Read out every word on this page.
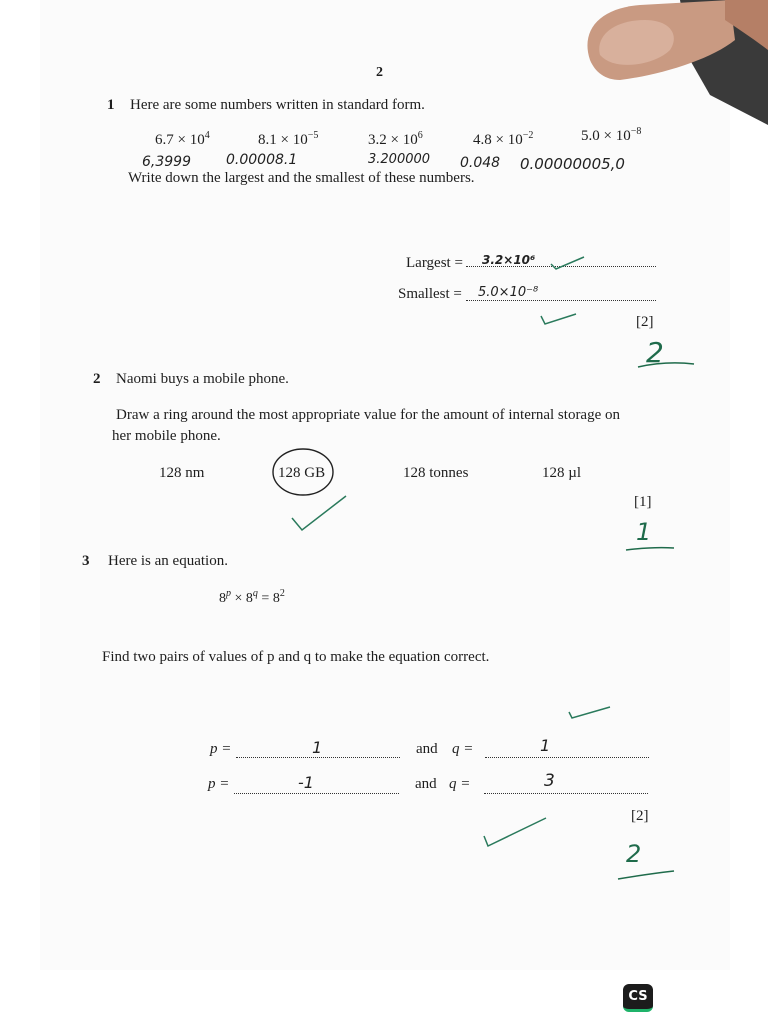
2
1 Here are some numbers written in standard form.
$6.7 \times 10^4$	$8.1 \times 10^{-5}$	$3.2 \times 10^6$	$4.8 \times 10^{-2}$	$5.0 \times 10^{-8}$
6,3999	0.00008.1	3.200000 0.048 0.00000005,0
Write down the largest and the smallest of these numbers.
Largest = 3.2×10⁶
Smallest = 5.0×10⁻⁸
[2]
2
2 Naomi buys a mobile phone.
Draw a ring around the most appropriate value for the amount of internal storage on
her mobile phone.
128 nm	128 GB	128 tonnes	128 µl
[1]
1
3 Here is an equation.
$8^p \times 8^q = 8^2$
Find two pairs of values of p and q to make the equation correct.
p =	1	and q =	1
p =	-1	and q =	3
[2]
2
CS
